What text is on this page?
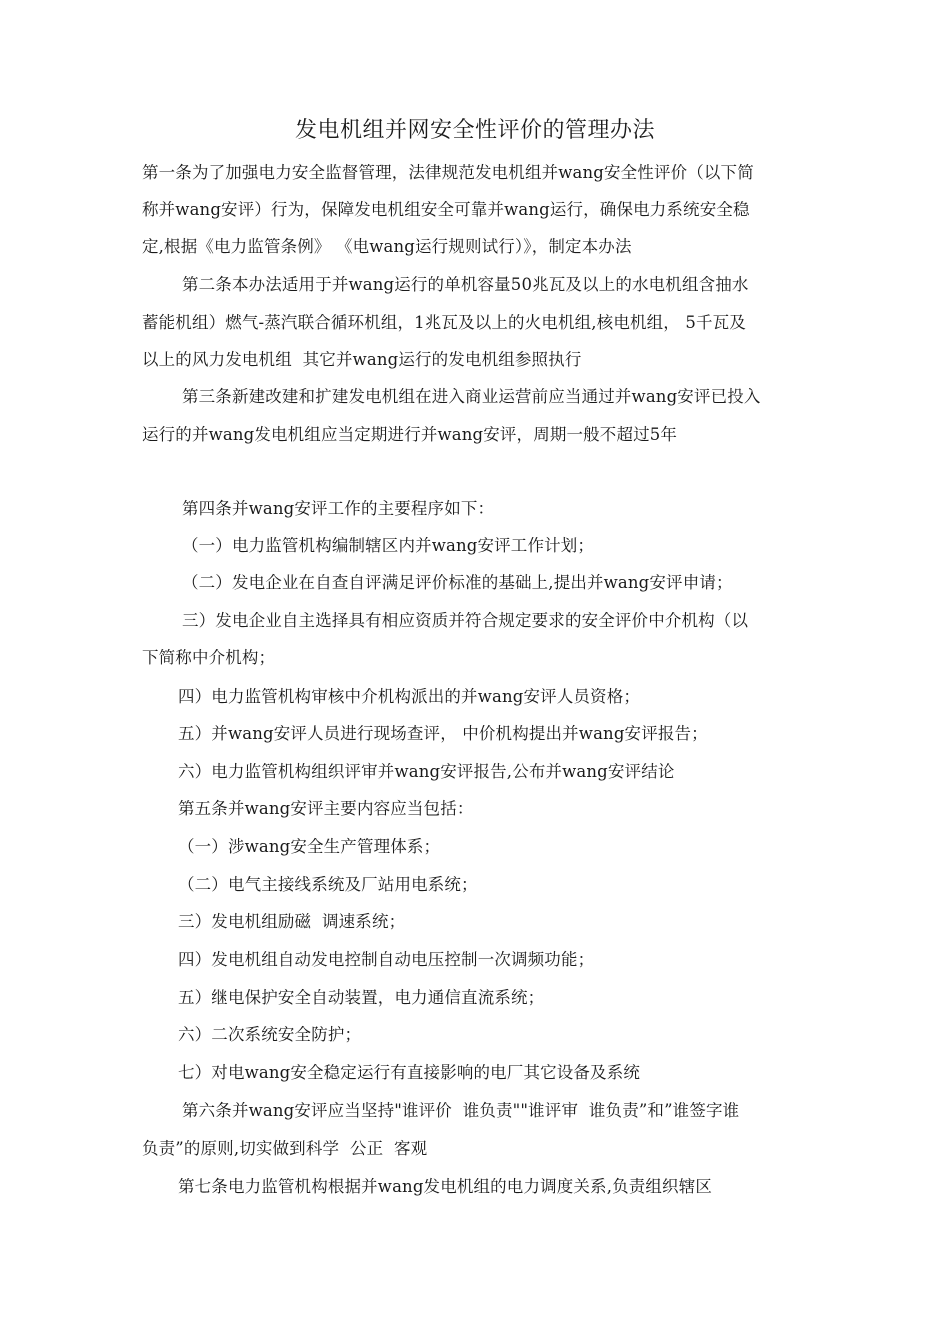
发电机组并网安全性评价的管理办法
第一条为了加强电力安全监督管理，法律规范发电机组并wang安全性评价（以下简
称并wang安评）行为，保障发电机组安全可靠并wang运行，确保电力系统安全稳
定,根据《电力监管条例》 《电wang运行规则试行）》，制定本办法
第二条本办法适用于并wang运行的单机容量50兆瓦及以上的水电机组含抽水
蓄能机组）燃气-蒸汽联合循环机组，1兆瓦及以上的火电机组,核电机组， 5千瓦及
以上的风力发电机组  其它并wang运行的发电机组参照执行
第三条新建改建和扩建发电机组在进入商业运营前应当通过并wang安评已投入
运行的并wang发电机组应当定期进行并wang安评，周期一般不超过5年
第四条并wang安评工作的主要程序如下：
（一）电力监管机构编制辖区内并wang安评工作计划；
（二）发电企业在自查自评满足评价标准的基础上,提出并wang安评申请；
三）发电企业自主选择具有相应资质并符合规定要求的安全评价中介机构（以
下简称中介机构；
四）电力监管机构审核中介机构派出的并wang安评人员资格；
五）并wang安评人员进行现场查评， 中价机构提出并wang安评报告；
六）电力监管机构组织评审并wang安评报告,公布并wang安评结论
第五条并wang安评主要内容应当包括：
（一）涉wang安全生产管理体系；
（二）电气主接线系统及厂站用电系统；
三）发电机组励磁  调速系统；
四）发电机组自动发电控制自动电压控制一次调频功能；
五）继电保护安全自动装置，电力通信直流系统；
六）二次系统安全防护；
七）对电wang安全稳定运行有直接影响的电厂其它设备及系统
第六条并wang安评应当坚持"谁评价  谁负责""谁评审  谁负责”和”谁签字谁
负责”的原则,切实做到科学  公正  客观
第七条电力监管机构根据并wang发电机组的电力调度关系,负责组织辖区
